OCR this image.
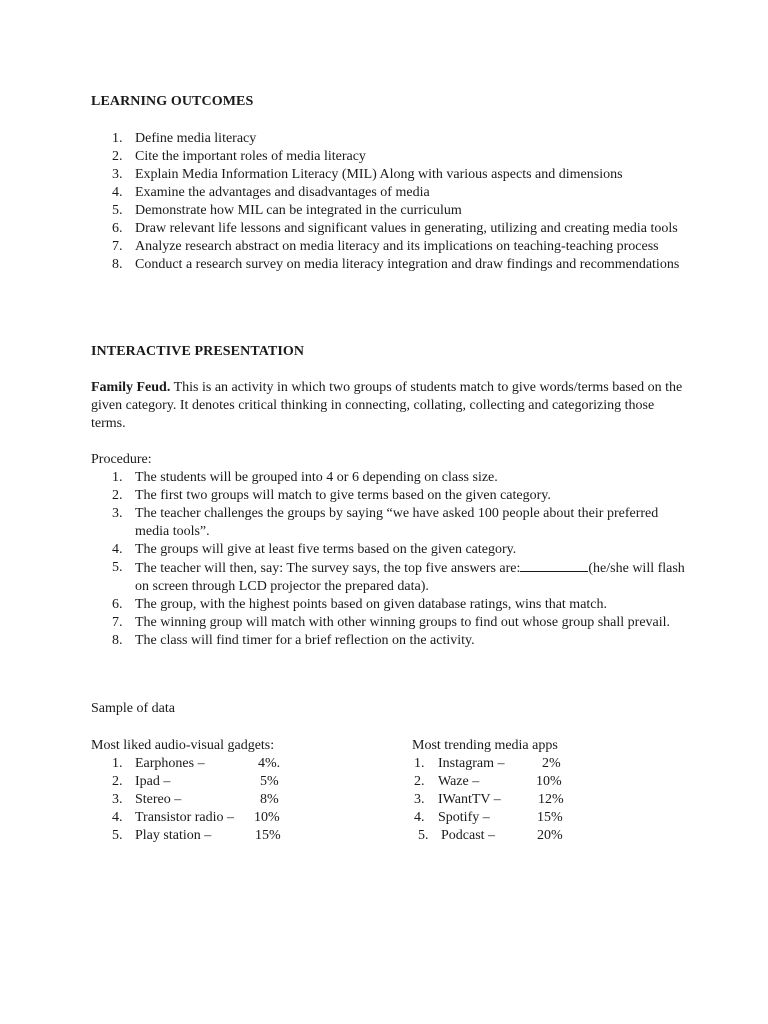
LEARNING OUTCOMES
1. Define media literacy
2. Cite the important roles of media literacy
3. Explain Media Information Literacy (MIL) Along with various aspects and dimensions
4. Examine the advantages and disadvantages of media
5. Demonstrate how MIL can be integrated in the curriculum
6. Draw relevant life lessons and significant values in generating, utilizing and creating media tools
7. Analyze research abstract on media literacy and its implications on teaching-teaching process
8. Conduct a research survey on media literacy integration and draw findings and recommendations
INTERACTIVE PRESENTATION

Family Feud. This is an activity in which two groups of students match to give words/terms based on the given category. It denotes critical thinking in connecting, collating, collecting and categorizing those terms.

Procedure:
1. The students will be grouped into 4 or 6 depending on class size.
2. The first two groups will match to give terms based on the given category.
3. The teacher challenges the groups by saying “we have asked 100 people about their preferred media tools”.
4. The groups will give at least five terms based on the given category.
5. The teacher will then, say: The survey says, the top five answers are:	(he/she will flash on screen through LCD projector the prepared data).
6. The group, with the highest points based on given database ratings, wins that match.
7. The winning group will match with other winning groups to find out whose group shall prevail.
8. The class will find timer for a brief reflection on the activity.
Sample of data
Most liked audio-visual gadgets:
1. Earphones –	4%.
2. Ipad –	5%
3. Stereo –	8%
4. Transistor radio – 10%
5. Play station –	15%
Most trending media apps
1. Instagram –	2%
2. Waze –	10%
3. IWantTV –	12%
4. Spotify –	15%
5. Podcast –	20%
